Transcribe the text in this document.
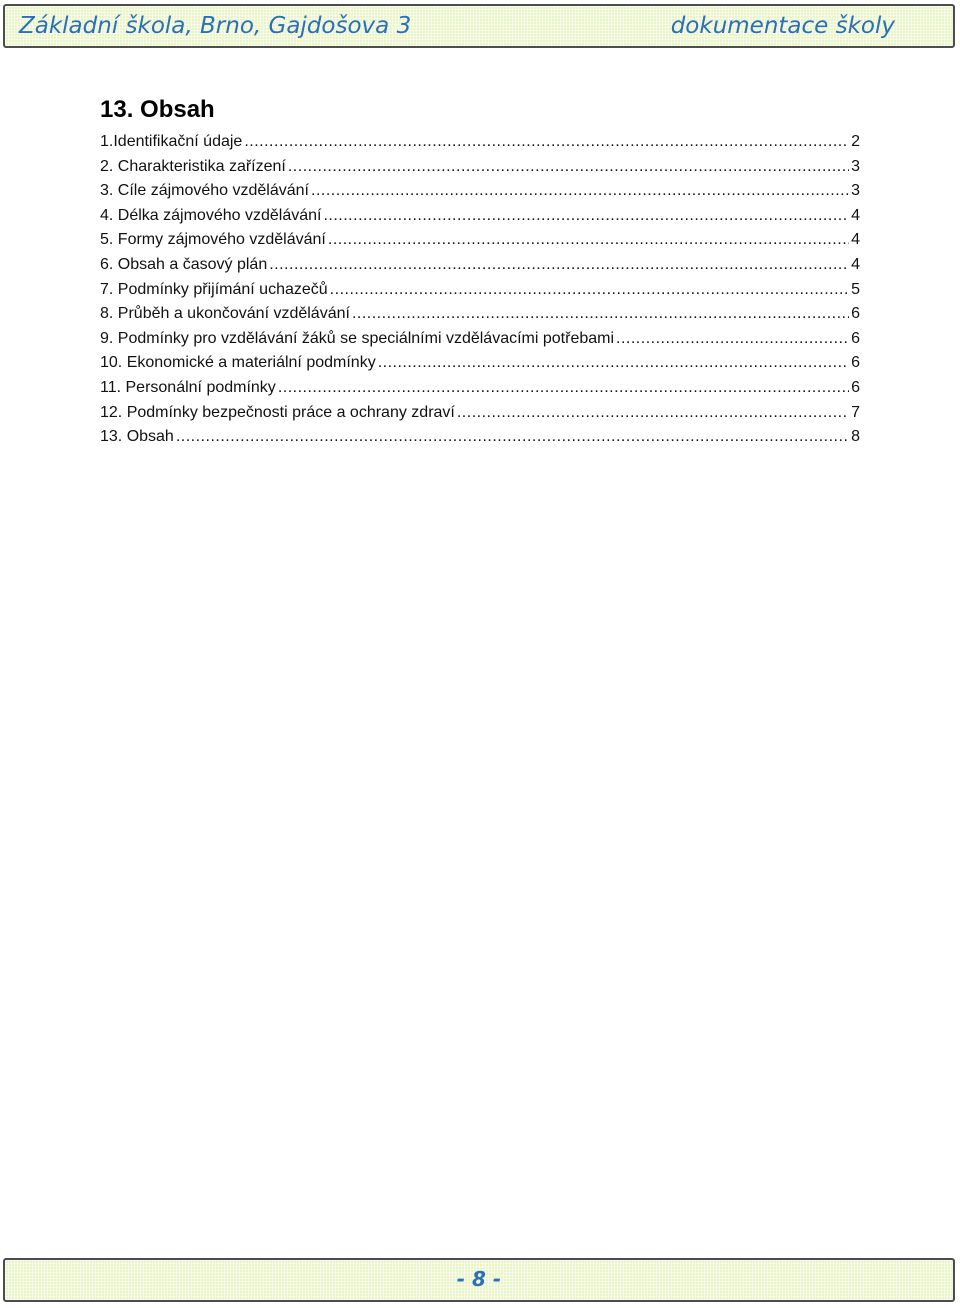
Základní škola, Brno, Gajdošova 3	dokumentace školy
13. Obsah
1.Identifikační údaje .....	2
2. Charakteristika zařízení .....	3
3. Cíle zájmového vzdělávání .....	3
4. Délka zájmového vzdělávání .....	4
5. Formy zájmového vzdělávání .....	4
6. Obsah a časový plán .....	4
7. Podmínky přijímání uchazečů .....	5
8. Průběh a ukončování vzdělávání .....	6
9. Podmínky pro vzdělávání žáků se speciálními vzdělávacími potřebami .....	6
10. Ekonomické a materiální podmínky .....	6
11. Personální podmínky .....	6
12. Podmínky bezpečnosti práce a ochrany zdraví .....	7
13. Obsah .....	8
- 8 -
